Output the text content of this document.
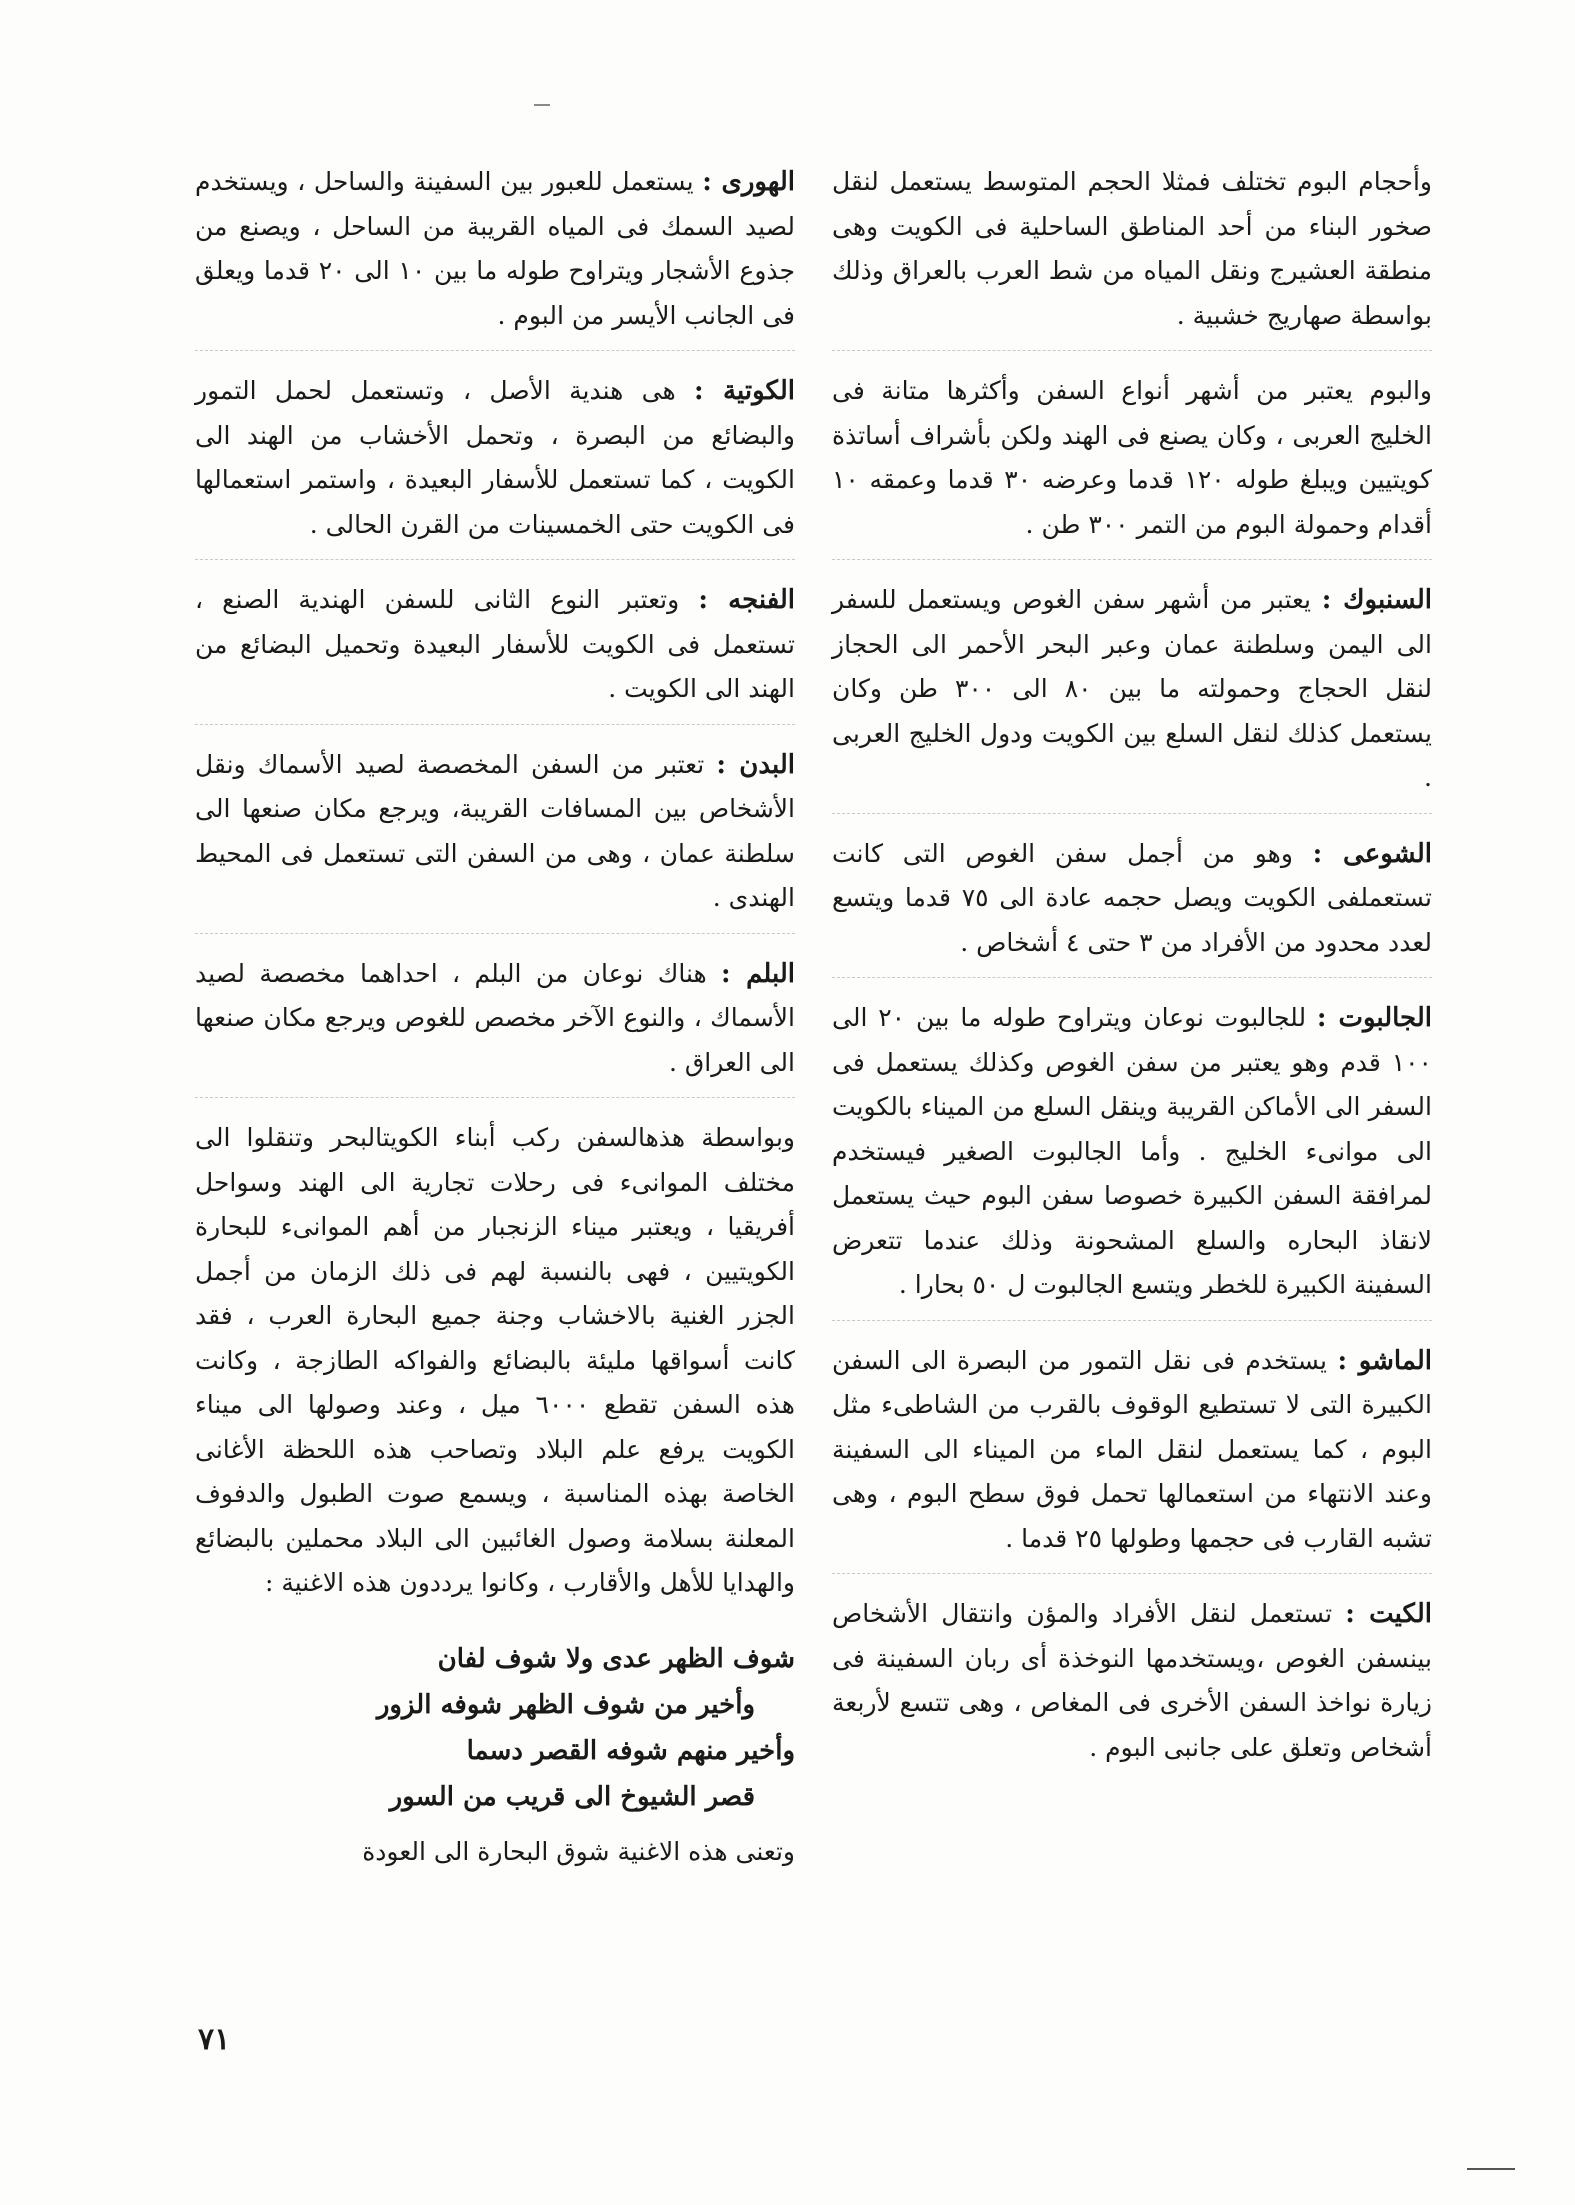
وأحجام البوم تختلف فمثلا الحجم المتوسط يستعمل لنقل صخور البناء من أحد المناطق الساحلية فى الكويت وهى منطقة العشيرج ونقل المياه من شط العرب بالعراق وذلك بواسطة صهاريج خشبية .

والبوم يعتبر من أشهر أنواع السفن وأكثرها متانة فى الخليج العربى ، وكان يصنع فى الهند ولكن بأشراف أساتذة كويتيين ويبلغ طوله ١٢٠ قدما وعرضه ٣٠ قدما وعمقه ١٠ أقدام وحمولة البوم من التمر ٣٠٠ طن .

السنبوك : يعتبر من أشهر سفن الغوص ويستعمل للسفر الى اليمن وسلطنة عمان وعبر البحر الأحمر الى الحجاز لنقل الحجاج وحمولته ما بين ٨٠ الى ٣٠٠ طن وكان يستعمل كذلك لنقل السلع بين الكويت ودول الخليج العربى .

الشوعى : وهو من أجمل سفن الغوص التى كانت تستعملفى الكويت ويصل حجمه عادة الى ٧٥ قدما ويتسع لعدد محدود من الأفراد من ٣ حتى ٤ أشخاص .

الجالبوت : للجالبوت نوعان ويتراوح طوله ما بين ٢٠ الى ١٠٠ قدم وهو يعتبر من سفن الغوص وكذلك يستعمل فى السفر الى الأماكن القريبة وينقل السلع من الميناء بالكويت الى موانىء الخليج . وأما الجالبوت الصغير فيستخدم لمرافقة السفن الكبيرة خصوصا سفن البوم حيث يستعمل لانقاذ البحاره والسلع المشحونة وذلك عندما تتعرض السفينة الكبيرة للخطر ويتسع الجالبوت ل ٥٠ بحارا .

الماشو : يستخدم فى نقل التمور من البصرة الى السفن الكبيرة التى لا تستطيع الوقوف بالقرب من الشاطىء مثل البوم ، كما يستعمل لنقل الماء من الميناء الى السفينة وعند الانتهاء من استعمالها تحمل فوق سطح البوم ، وهى تشبه القارب فى حجمها وطولها ٢٥ قدما .

الكيت : تستعمل لنقل الأفراد والمؤن وانتقال الأشخاص بينسفن الغوص ،ويستخدمها النوخذة أى ربان السفينة فى زيارة نواخذ السفن الأخرى فى المغاص ، وهى تتسع لأربعة أشخاص وتعلق على جانبى البوم .

الهورى : يستعمل للعبور بين السفينة والساحل ، ويستخدم لصيد السمك فى المياه القريبة من الساحل ، ويصنع من جذوع الأشجار ويتراوح طوله ما بين ١٠ الى ٢٠ قدما ويعلق فى الجانب الأيسر من البوم .

الكوتية : هى هندية الأصل ، وتستعمل لحمل التمور والبضائع من البصرة ، وتحمل الأخشاب من الهند الى الكويت ، كما تستعمل للأسفار البعيدة ، واستمر استعمالها فى الكويت حتى الخمسينات من القرن الحالى .

الفنجه : وتعتبر النوع الثانى للسفن الهندية الصنع ، تستعمل فى الكويت للأسفار البعيدة وتحميل البضائع من الهند الى الكويت .

البدن : تعتبر من السفن المخصصة لصيد الأسماك ونقل الأشخاص بين المسافات القريبة، ويرجع مكان صنعها الى سلطنة عمان ، وهى من السفن التى تستعمل فى المحيط الهندى .

البلم : هناك نوعان من البلم ، احداهما مخصصة لصيد الأسماك ، والنوع الآخر مخصص للغوص ويرجع مكان صنعها الى العراق .

وبواسطة هذهالسفن ركب أبناء الكويتالبحر وتنقلوا الى مختلف الموانىء فى رحلات تجارية الى الهند وسواحل أفريقيا ، ويعتبر ميناء الزنجبار من أهم الموانىء للبحارة الكويتيين ، فهى بالنسبة لهم فى ذلك الزمان من أجمل الجزر الغنية بالاخشاب وجنة جميع البحارة العرب ، فقد كانت أسواقها مليئة بالبضائع والفواكه الطازجة ، وكانت هذه السفن تقطع ٦٠٠٠ ميل ، وعند وصولها الى ميناء الكويت يرفع علم البلاد وتصاحب هذه اللحظة الأغانى الخاصة بهذه المناسبة ، ويسمع صوت الطبول والدفوف المعلنة بسلامة وصول الغائبين الى البلاد محملين بالبضائع والهدايا للأهل والأقارب ، وكانوا يرددون هذه الاغنية :

شوف الظهر عدى ولا شوف لفان
وأخير من شوف الظهر شوفه الزور
وأخير منهم شوفه القصر دسما
قصر الشيوخ الى قريب من السور

وتعنى هذه الاغنية شوق البحارة الى العودة

٧١
